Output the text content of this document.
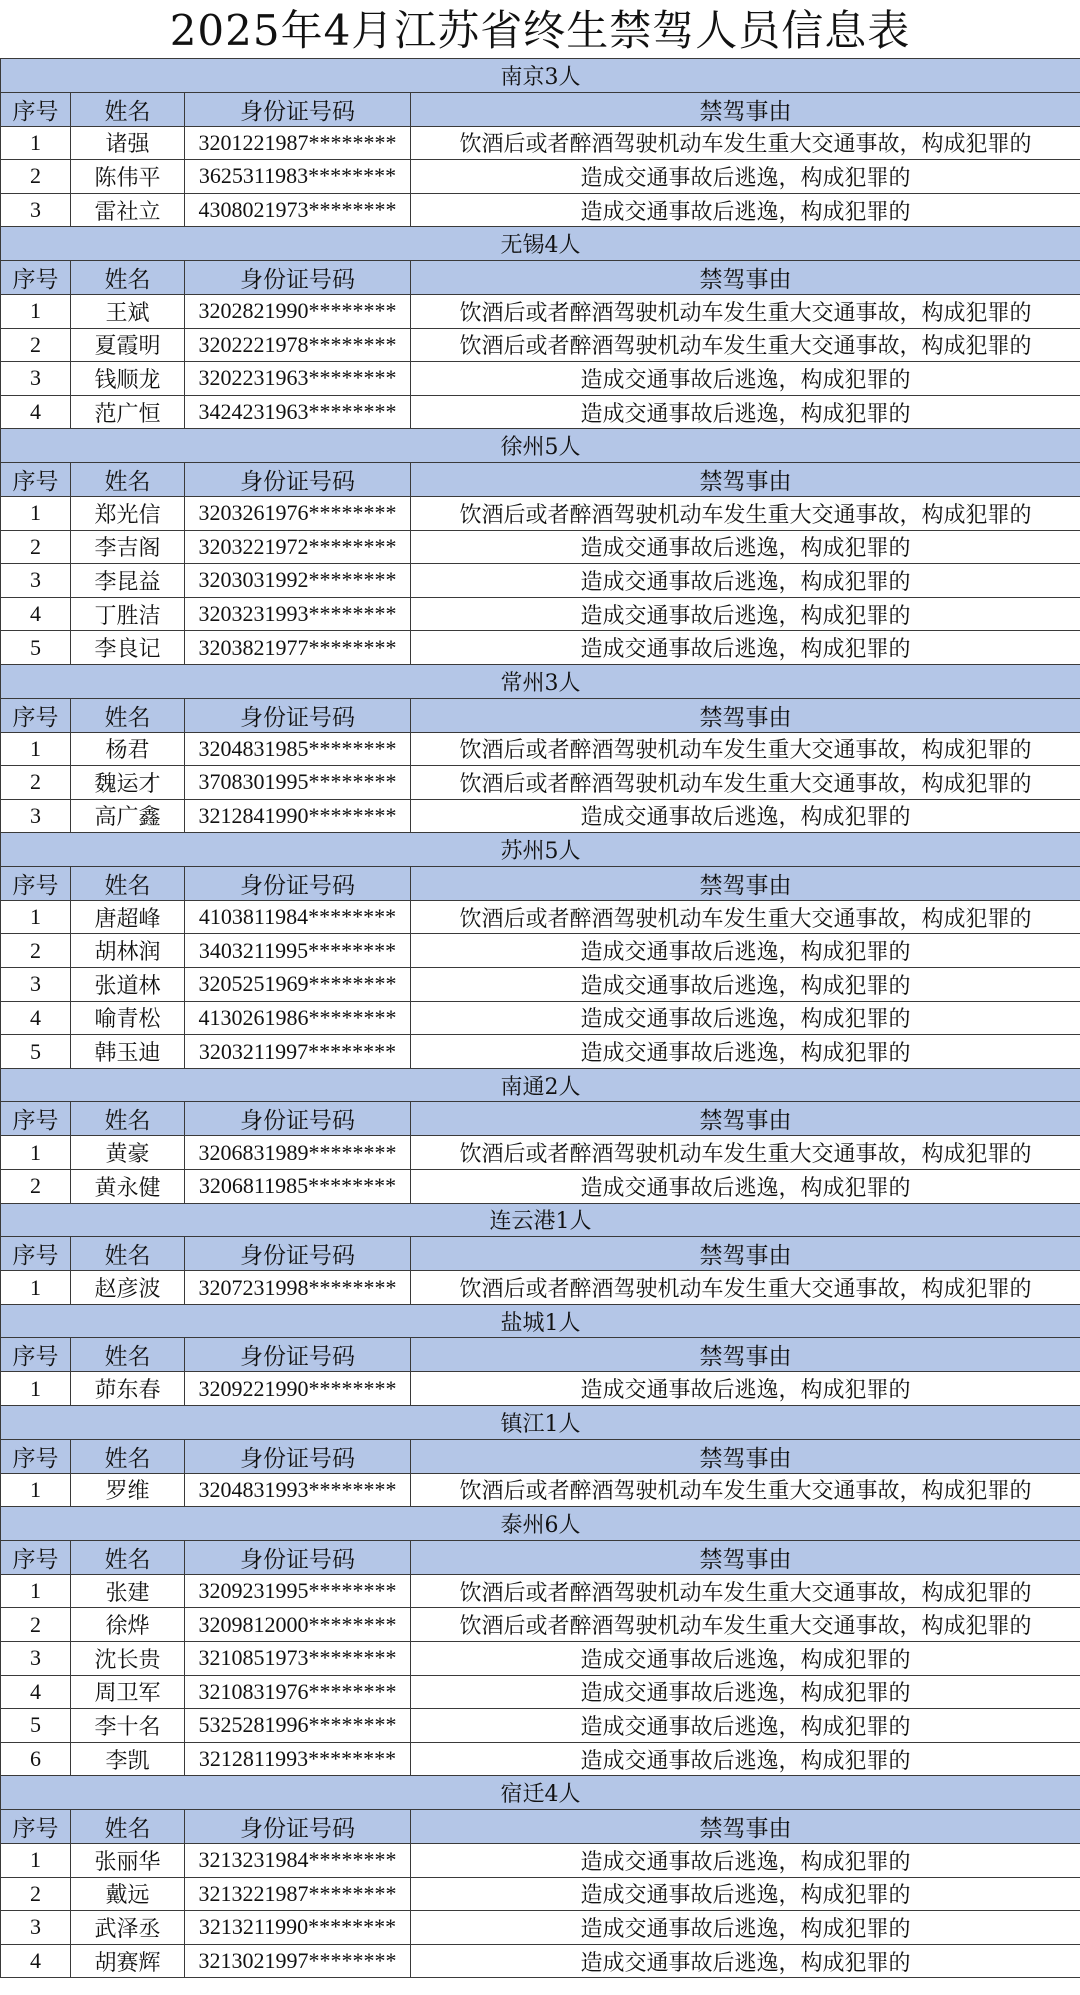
2025年4月江苏省终生禁驾人员信息表
南京3人			
序号	姓名	身份证号码	禁驾事由
1	诸强	3201221987********	饮酒后或者醉酒驾驶机动车发生重大交通事故，构成犯罪的
2	陈伟平	3625311983********	造成交通事故后逃逸，构成犯罪的
3	雷社立	4308021973********	造成交通事故后逃逸，构成犯罪的
无锡4人			
序号	姓名	身份证号码	禁驾事由
1	王斌	3202821990********	饮酒后或者醉酒驾驶机动车发生重大交通事故，构成犯罪的
2	夏霞明	3202221978********	饮酒后或者醉酒驾驶机动车发生重大交通事故，构成犯罪的
3	钱顺龙	3202231963********	造成交通事故后逃逸，构成犯罪的
4	范广恒	3424231963********	造成交通事故后逃逸，构成犯罪的
徐州5人			
序号	姓名	身份证号码	禁驾事由
1	郑光信	3203261976********	饮酒后或者醉酒驾驶机动车发生重大交通事故，构成犯罪的
2	李吉阁	3203221972********	造成交通事故后逃逸，构成犯罪的
3	李昆益	3203031992********	造成交通事故后逃逸，构成犯罪的
4	丁胜洁	3203231993********	造成交通事故后逃逸，构成犯罪的
5	李良记	3203821977********	造成交通事故后逃逸，构成犯罪的
常州3人			
序号	姓名	身份证号码	禁驾事由
1	杨君	3204831985********	饮酒后或者醉酒驾驶机动车发生重大交通事故，构成犯罪的
2	魏运才	3708301995********	饮酒后或者醉酒驾驶机动车发生重大交通事故，构成犯罪的
3	高广鑫	3212841990********	造成交通事故后逃逸，构成犯罪的
苏州5人			
序号	姓名	身份证号码	禁驾事由
1	唐超峰	4103811984********	饮酒后或者醉酒驾驶机动车发生重大交通事故，构成犯罪的
2	胡林润	3403211995********	造成交通事故后逃逸，构成犯罪的
3	张道林	3205251969********	造成交通事故后逃逸，构成犯罪的
4	喻青松	4130261986********	造成交通事故后逃逸，构成犯罪的
5	韩玉迪	3203211997********	造成交通事故后逃逸，构成犯罪的
南通2人			
序号	姓名	身份证号码	禁驾事由
1	黄豪	3206831989********	饮酒后或者醉酒驾驶机动车发生重大交通事故，构成犯罪的
2	黄永健	3206811985********	造成交通事故后逃逸，构成犯罪的
连云港1人			
序号	姓名	身份证号码	禁驾事由
1	赵彦波	3207231998********	饮酒后或者醉酒驾驶机动车发生重大交通事故，构成犯罪的
盐城1人			
序号	姓名	身份证号码	禁驾事由
1	茆东春	3209221990********	造成交通事故后逃逸，构成犯罪的
镇江1人			
序号	姓名	身份证号码	禁驾事由
1	罗维	3204831993********	饮酒后或者醉酒驾驶机动车发生重大交通事故，构成犯罪的
泰州6人			
序号	姓名	身份证号码	禁驾事由
1	张建	3209231995********	饮酒后或者醉酒驾驶机动车发生重大交通事故，构成犯罪的
2	徐烨	3209812000********	饮酒后或者醉酒驾驶机动车发生重大交通事故，构成犯罪的
3	沈长贵	3210851973********	造成交通事故后逃逸，构成犯罪的
4	周卫军	3210831976********	造成交通事故后逃逸，构成犯罪的
5	李十名	5325281996********	造成交通事故后逃逸，构成犯罪的
6	李凯	3212811993********	造成交通事故后逃逸，构成犯罪的
宿迁4人			
序号	姓名	身份证号码	禁驾事由
1	张丽华	3213231984********	造成交通事故后逃逸，构成犯罪的
2	戴远	3213221987********	造成交通事故后逃逸，构成犯罪的
3	武泽丞	3213211990********	造成交通事故后逃逸，构成犯罪的
4	胡赛辉	3213021997********	造成交通事故后逃逸，构成犯罪的
